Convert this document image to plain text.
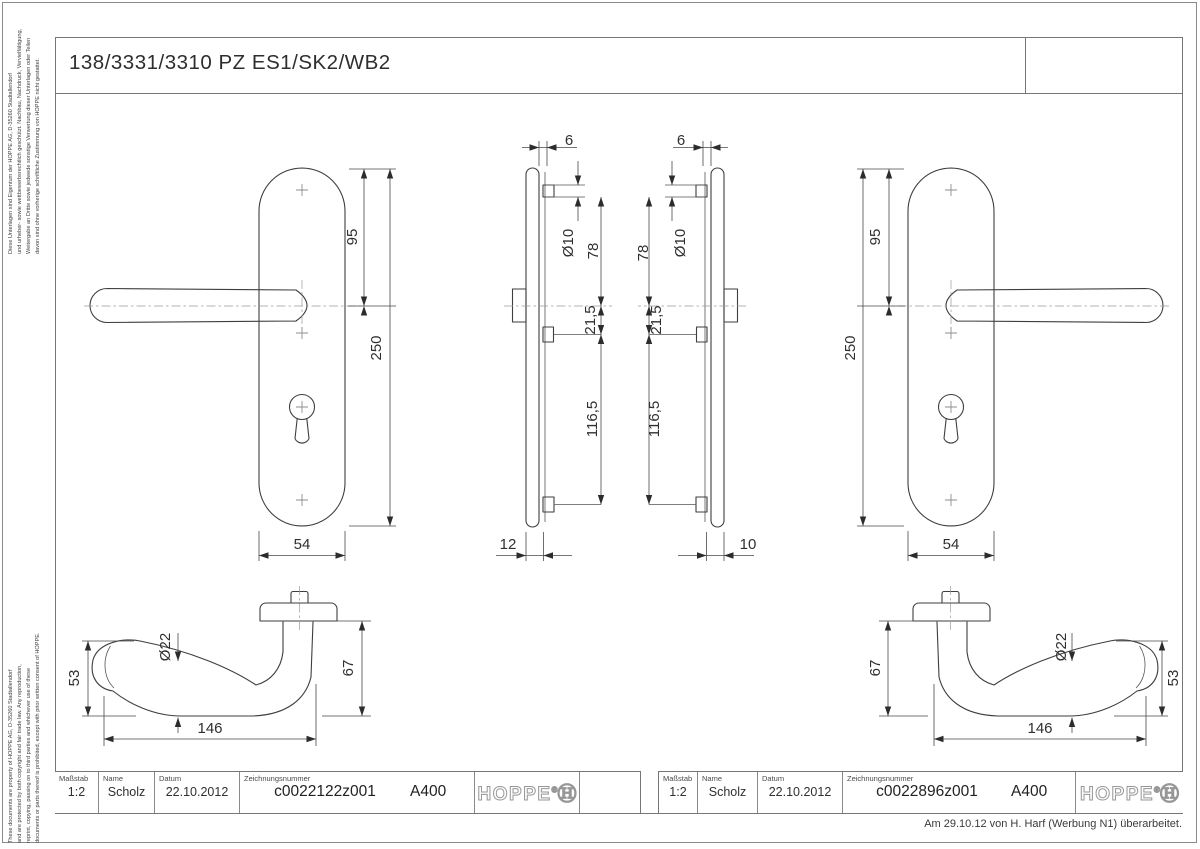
138/3331/3310 PZ ES1/SK2/WB2
Diese Unterlagen sind Eigentum der HOPPE AG, D-35260 Stadtallendorf und urheber- sowie wettbewerbsrechtlich geschützt. Nachbau, Nachdruck, Vervielfältigung, Weitergabe an Dritte sowie jedwede sonstige Verwertung dieser Unterlagen oder Teilen davon sind ohne vorherige schriftliche Zustimmung von HOPPE nicht gestattet.
These documents are property of HOPPE AG, D-35260 Stadtallendorf and are protected by both copyright and fair trade law. Any reproduction, reprint, copying, passing on to third parties and whichever use of these documents or parts thereof is prohibited, except with prior written consent of HOPPE.
95
250
54
6
Ø10 78
21,5
116,5
12
6
Ø10
78
21,5
116,5
10
95
250
54
53
Ø22
67
146
67
Ø22
53
146
Maßstab
1:2
Name
Scholz
Datum
22.10.2012
Zeichnungsnummer
c0022122z001	A400	HOPPE®Ⓗ
Maßstab
1:2
Name
Scholz
Datum
22.10.2012
Zeichnungsnummer
c0022896z001	A400	HOPPE®Ⓗ
Am 29.10.12 von H. Harf (Werbung N1) überarbeitet.
